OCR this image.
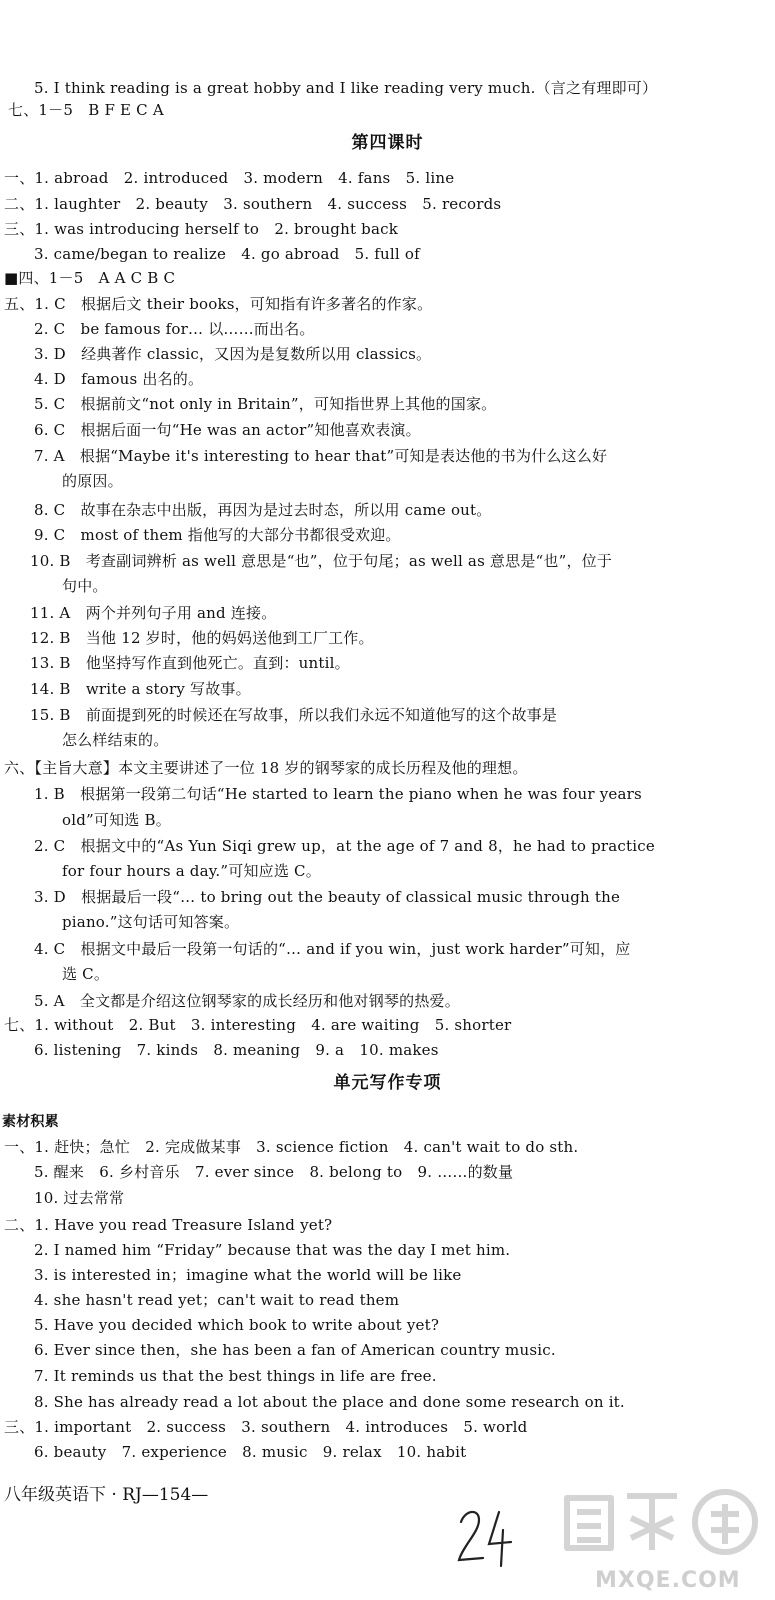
5. I think reading is a great hobby and I like reading very much.（言之有理即可）
七、1－5　B F E C A
一、1. abroad　2. introduced　3. modern　4. fans　5. line
二、1. laughter　2. beauty　3. southern　4. success　5. records
三、1. was introducing herself to　2. brought back
3. came/began to realize　4. go abroad　5. full of
■四、1－5　A A C B C
五、1. C　根据后文 their books，可知指有许多著名的作家。
2. C　be famous for… 以……而出名。
3. D　经典著作 classic，又因为是复数所以用 classics。
4. D　famous 出名的。
5. C　根据前文“not only in Britain”，可知指世界上其他的国家。
6. C　根据后面一句“He was an actor”知他喜欢表演。
7. A　根据“Maybe it's interesting to hear that”可知是表达他的书为什么这么好
的原因。
8. C　故事在杂志中出版，再因为是过去时态，所以用 came out。
9. C　most of them 指他写的大部分书都很受欢迎。
10. B　考查副词辨析 as well 意思是“也”，位于句尾；as well as 意思是“也”，位于
句中。
11. A　两个并列句子用 and 连接。
12. B　当他 12 岁时，他的妈妈送他到工厂工作。
13. B　他坚持写作直到他死亡。直到：until。
14. B　write a story 写故事。
15. B　前面提到死的时候还在写故事，所以我们永远不知道他写的这个故事是
怎么样结束的。
六、【主旨大意】本文主要讲述了一位 18 岁的钢琴家的成长历程及他的理想。
1. B　根据第一段第二句话“He started to learn the piano when he was four years
old”可知选 B。
2. C　根据文中的“As Yun Siqi grew up，at the age of 7 and 8，he had to practice
for four hours a day.”可知应选 C。
3. D　根据最后一段“… to bring out the beauty of classical music through the
piano.”这句话可知答案。
4. C　根据文中最后一段第一句话的“… and if you win，just work harder”可知，应
选 C。
5. A　全文都是介绍这位钢琴家的成长经历和他对钢琴的热爱。
七、1. without　2. But　3. interesting　4. are waiting　5. shorter
6. listening　7. kinds　8. meaning　9. a　10. makes
一、1. 赶快；急忙　2. 完成做某事　3. science fiction　4. can't wait to do sth.
5. 醒来　6. 乡村音乐　7. ever since　8. belong to　9. ……的数量
10. 过去常常
二、1. Have you read Treasure Island yet?
2. I named him “Friday” because that was the day I met him.
3. is interested in；imagine what the world will be like
4. she hasn't read yet；can't wait to read them
5. Have you decided which book to write about yet?
6. Ever since then，she has been a fan of American country music.
7. It reminds us that the best things in life are free.
8. She has already read a lot about the place and done some research on it.
三、1. important　2. success　3. southern　4. introduces　5. world
6. beauty　7. experience　8. music　9. relax　10. habit
第四课时
单元写作专项
素材积累
八年级英语下 · RJ—154—
MXQE.COM
